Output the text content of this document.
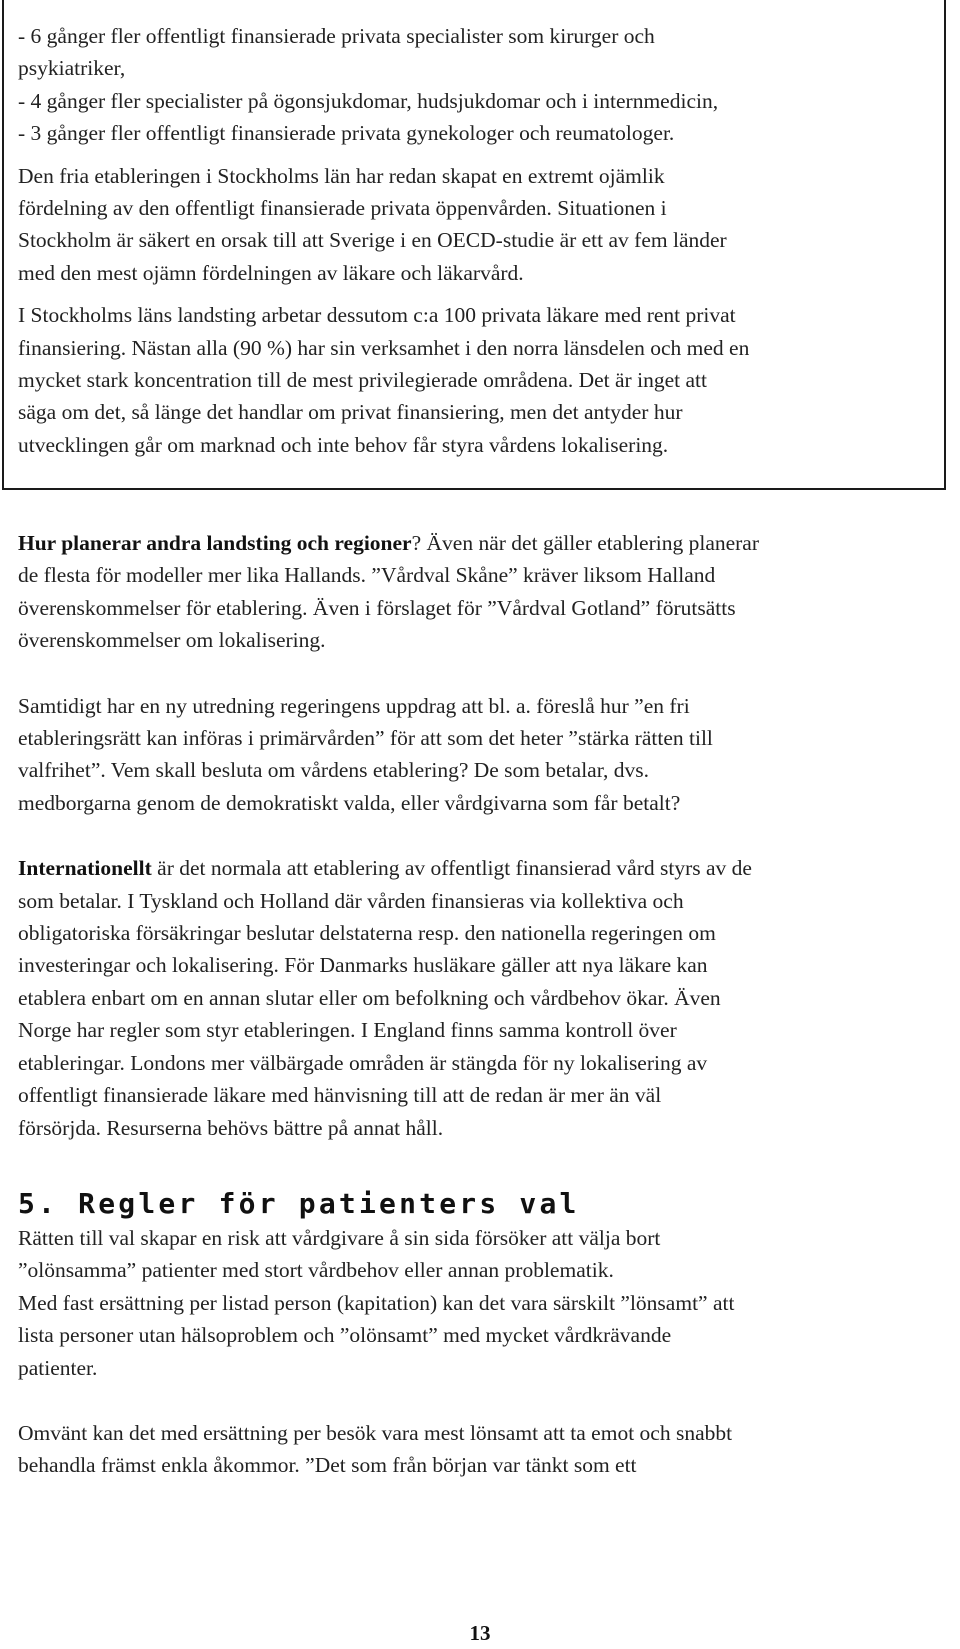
- 6 gånger fler offentligt finansierade privata specialister som kirurger och
psykiatriker,
- 4 gånger fler specialister på ögonsjukdomar, hudsjukdomar och i internmedicin,
- 3 gånger fler offentligt finansierade privata gynekologer och reumatologer.
Den fria etableringen i Stockholms län har redan skapat en extremt ojämlik
fördelning av den offentligt finansierade privata öppenvården. Situationen i
Stockholm är säkert en orsak till att Sverige i en OECD-studie är ett av fem länder
med den mest ojämn fördelningen av läkare och läkarvård.
I Stockholms läns landsting arbetar dessutom c:a 100 privata läkare med rent privat
finansiering. Nästan alla (90 %) har sin verksamhet i den norra länsdelen och med en
mycket stark koncentration till de mest privilegierade områdena. Det är inget att
säga om det, så länge det handlar om privat finansiering, men det antyder hur
utvecklingen går om marknad och inte behov får styra vårdens lokalisering.
Hur planerar andra landsting och regioner? Även när det gäller etablering planerar
de flesta för modeller mer lika Hallands. ”Vårdval Skåne” kräver liksom Halland
överenskommelser för etablering. Även i förslaget för ”Vårdval Gotland” förutsätts
överenskommelser om lokalisering.
Samtidigt har en ny utredning regeringens uppdrag att bl. a. föreslå hur ”en fri
etableringsrätt kan införas i primärvården” för att som det heter ”stärka rätten till
valfrihet”. Vem skall besluta om vårdens etablering? De som betalar, dvs.
medborgarna genom de demokratiskt valda, eller vårdgivarna som får betalt?
Internationellt är det normala att etablering av offentligt finansierad vård styrs av de
som betalar. I Tyskland och Holland där vården finansieras via kollektiva och
obligatoriska försäkringar beslutar delstaterna resp. den nationella regeringen om
investeringar och lokalisering. För Danmarks husläkare gäller att nya läkare kan
etablera enbart om en annan slutar eller om befolkning och vårdbehov ökar. Även
Norge har regler som styr etableringen. I England finns samma kontroll över
etableringar. Londons mer välbärgade områden är stängda för ny lokalisering av
offentligt finansierade läkare med hänvisning till att de redan är mer än väl
försörjda. Resurserna behövs bättre på annat håll.
5. Regler för patienters val
Rätten till val skapar en risk att vårdgivare å sin sida försöker att välja bort
”olönsamma” patienter med stort vårdbehov eller annan problematik.
Med fast ersättning per listad person (kapitation) kan det vara särskilt ”lönsamt” att
lista personer utan hälsoproblem och ”olönsamt” med mycket vårdkrävande
patienter.
Omvänt kan det med ersättning per besök vara mest lönsamt att ta emot och snabbt
behandla främst enkla åkommor. ”Det som från början var tänkt som ett
13
